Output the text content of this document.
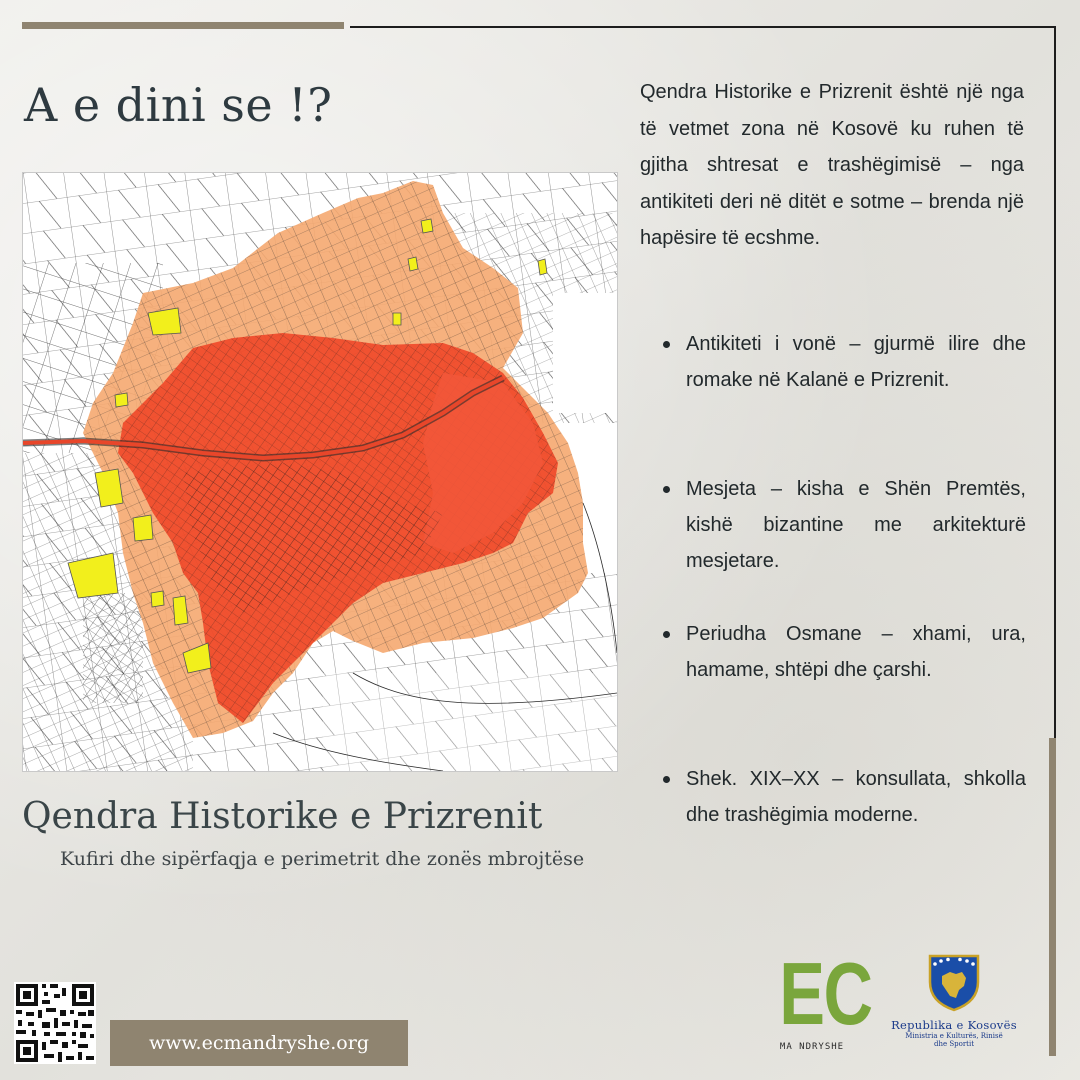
A e dini se !?
Qendra Historike e Prizrenit
Kufiri dhe sipërfaqja e perimetrit dhe zonës mbrojtëse

Qendra Historike e Prizrenit është një nga të vetmet zona në Kosovë ku ruhen të gjitha shtresat e trashëgimisë – nga antikiteti deri në ditët e sotme – brenda një hapësire të ecshme.

Antikiteti i vonë – gjurmë ilire dhe romake në Kalanë e Prizrenit.
Mesjeta – kisha e Shën Premtës, kishë bizantine me arkitekturë mesjetare.
Periudha Osmane – xhami, ura, hamame, shtëpi dhe çarshi.
Shek. XIX–XX – konsullata, shkolla dhe trashëgimia moderne.
www.ecmandryshe.org	EC
MA NDRYSHE
Republika e Kosovës
Ministria e Kulturës, Rinisë
dhe Sportit
